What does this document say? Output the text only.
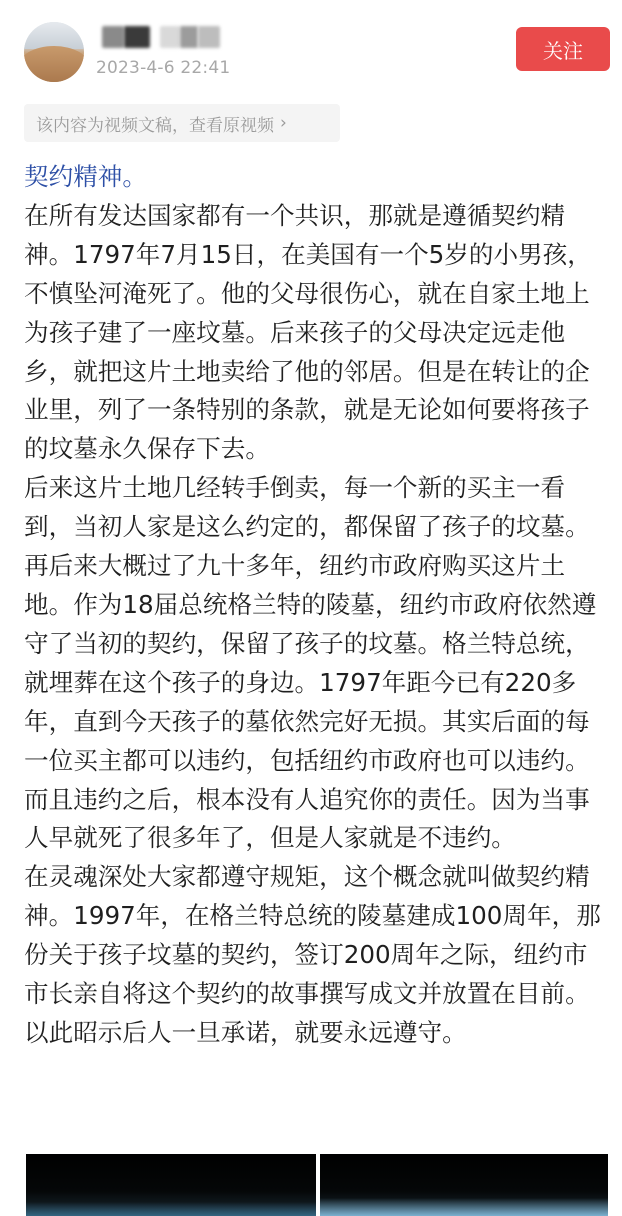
2023-4-6 22:41
关注
该内容为视频文稿，查看原视频 ›

契约精神。

在所有发达国家都有一个共识，那就是遵循契约精神。1797年7月15日，在美国有一个5岁的小男孩，不慎坠河淹死了。他的父母很伤心，就在自家土地上为孩子建了一座坟墓。后来孩子的父母决定远走他乡，就把这片土地卖给了他的邻居。但是在转让的企业里，列了一条特别的条款，就是无论如何要将孩子的坟墓永久保存下去。

后来这片土地几经转手倒卖，每一个新的买主一看到，当初人家是这么约定的，都保留了孩子的坟墓。再后来大概过了九十多年，纽约市政府购买这片土地。作为18届总统格兰特的陵墓，纽约市政府依然遵守了当初的契约，保留了孩子的坟墓。格兰特总统，就埋葬在这个孩子的身边。1797年距今已有220多年，直到今天孩子的墓依然完好无损。其实后面的每一位买主都可以违约，包括纽约市政府也可以违约。而且违约之后，根本没有人追究你的责任。因为当事人早就死了很多年了，但是人家就是不违约。

在灵魂深处大家都遵守规矩，这个概念就叫做契约精神。1997年，在格兰特总统的陵墓建成100周年，那份关于孩子坟墓的契约，签订200周年之际，纽约市市长亲自将这个契约的故事撰写成文并放置在目前。以此昭示后人一旦承诺，就要永远遵守。
